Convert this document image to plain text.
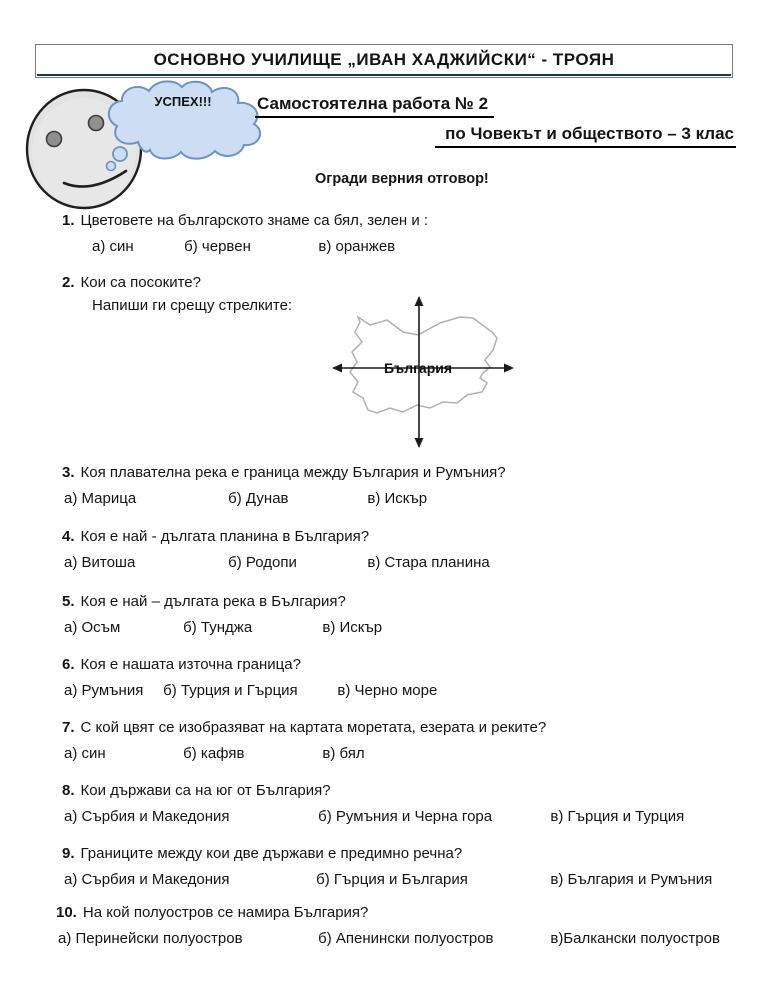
ОСНОВНО УЧИЛИЩЕ „ИВАН ХАДЖИЙСКИ“ - ТРОЯН
УСПЕХ!!!	Самостоятелна работа № 2
по Човекът и обществото – 3 клас
Огради верния отговор!
1. Цветовете на българското знаме са бял, зелен и :
а) син	б) червен	в) оранжев
2. Кои са посоките?
Напиши ги срещу стрелките:
България
3. Коя плавателна река е граница между България и Румъния?
а) Марица	б) Дунав	в) Искър
4. Коя е най - дългата планина в България?
а) Витоша	б) Родопи	в) Стара планина
5. Коя е най – дългата река в България?
а) Осъм	б) Тунджа	в) Искър
6. Коя е нашата източна граница?
а) Румъния б) Турция и Гърция	в) Черно море
7. С кой цвят се изобразяват на картата моретата, езерата и реките?
а) син	б) кафяв	в) бял
8. Кои държави са на юг от България?
а) Сърбия и Македония	б) Румъния и Черна гора	в) Гърция и Турция
9. Границите между кои две държави е предимно речна?
а) Сърбия и Македония	б) Гърция и България	в) България и Румъния
10. На кой полуостров се намира България?
а) Перинейски полуостров	б) Апенински полуостров	в)Балкански полуостров
